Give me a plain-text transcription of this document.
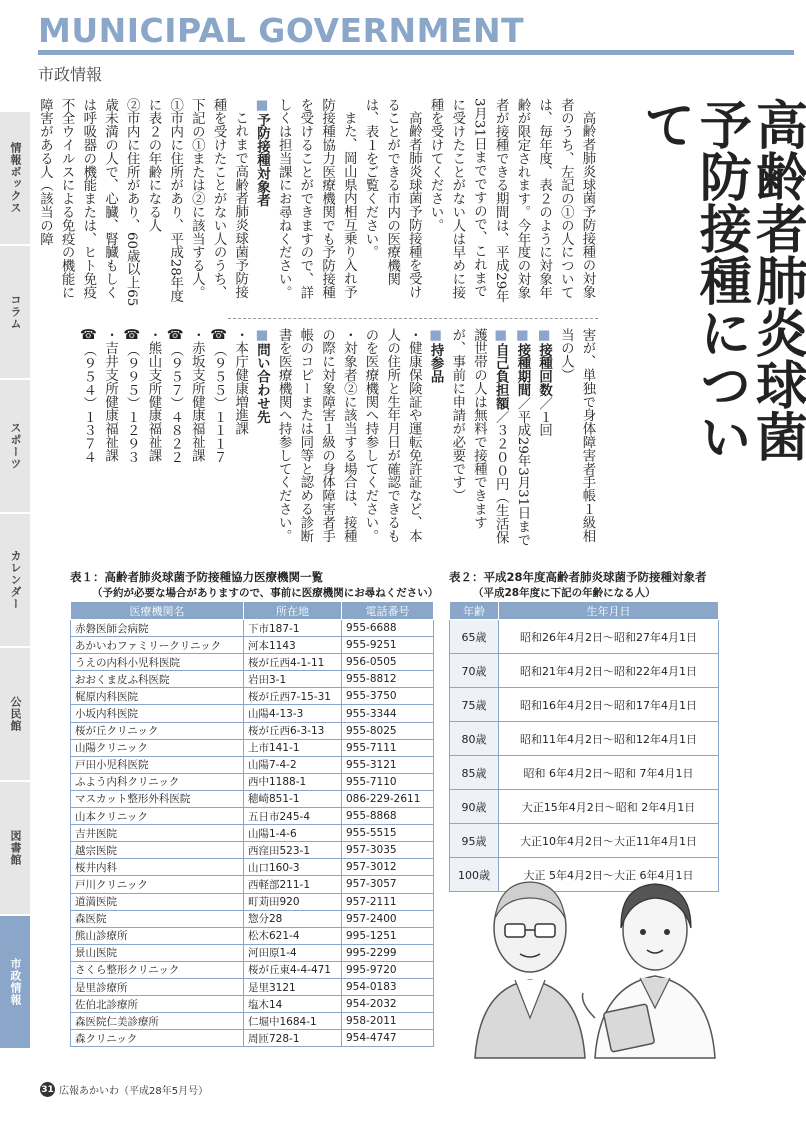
MUNICIPAL GOVERNMENT
市政情報
情報ボックス
コラム
スポーツ
カレンダー
公民館
図書館
市政情報
高齢者肺炎球菌予防接種について

高齢者肺炎球菌予防接種の対象者のうち、左記の①の人については、毎年度、表２のように対象年齢が限定されます。今年度の対象者が接種できる期間は、平成29年3月31日までですので、これまでに受けたことがない人は早めに接種を受けてください。

高齢者肺炎球菌予防接種を受けることができる市内の医療機関は、表１をご覧ください。

また、岡山県内相互乗り入れ予防接種協力医療機関でも予防接種を受けることができますので、詳しくは担当課にお尋ねください。

■ 予防接種対象者

これまで高齢者肺炎球菌予防接種を受けたことがない人のうち、下記の①または②に該当する人。

①市内に住所があり、平成28年度に表２の年齢になる人

②市内に住所があり、60歳以上65歳未満の人で、心臓、腎臓もしくは呼吸器の機能または、ヒト免疫不全ウイルスによる免疫の機能に障害がある人（該当の障

害が、単独で身体障害者手帳１級相当の人）

■ 接種回数／１回

■ 接種期間／平成29年3月31日まで

■ 自己負担額／３２００円（生活保護世帯の人は無料で接種できますが、事前に申請が必要です）

■ 持参品

・健康保険証や運転免許証など、本人の住所と生年月日が確認できるものを医療機関へ持参してください。

・対象者②に該当する場合は、接種の際に対象障害１級の身体障害者手帳のコピーまたは同等と認める診断書を医療機関へ持参してください。

■ 問い合わせ先

・本庁健康増進課

☎（９５５）１１１７

・赤坂支所健康福祉課

☎（９５７）４８２２

・熊山支所健康福祉課

☎（９９５）１２９３

・吉井支所健康福祉課

☎（９５４）１３７４

表１：高齢者肺炎球菌予防接種協力医療機関一覧
（予約が必要な場合がありますので、事前に医療機関にお尋ねください）
医療機関名	所在地	電話番号
赤磐医師会病院	下市187-1	955-6688
あかいわファミリークリニック	河本1143	955-9251
うえの内科小児科医院	桜が丘西4-1-11	956-0505
おおくま皮ふ科医院	岩田3-1	955-8812
梶原内科医院	桜が丘西7-15-31	955-3750
小坂内科医院	山陽4-13-3	955-3344
桜が丘クリニック	桜が丘西6-3-13	955-8025
山陽クリニック	上市141-1	955-7111
戸田小児科医院	山陽7-4-2	955-3121
ふよう内科クリニック	西中1188-1	955-7110
マスカット整形外科医院	穂崎851-1	086-229-2611
山本クリニック	五日市245-4	955-8868
吉井医院	山陽1-4-6	955-5515
越宗医院	西窪田523-1	957-3035
桜井内科	山口160-3	957-3012
戸川クリニック	西軽部211-1	957-3057
道満医院	町苅田920	957-2111
森医院	惣分28	957-2400
熊山診療所	松木621-4	995-1251
景山医院	河田原1-4	995-2299
さくら整形クリニック	桜が丘東4-4-471	995-9720
是里診療所	是里3121	954-0183
佐伯北診療所	塩木14	954-2032
森医院仁美診療所	仁堀中1684-1	958-2011
森クリニック	周匝728-1	954-4747
表２：平成28年度高齢者肺炎球菌予防接種対象者
（平成28年度に下記の年齢になる人）
年齢	生年月日
65歳	昭和26年4月2日～昭和27年4月1日
70歳	昭和21年4月2日～昭和22年4月1日
75歳	昭和16年4月2日～昭和17年4月1日
80歳	昭和11年4月2日～昭和12年4月1日
85歳	昭和 6年4月2日～昭和 7年4月1日
90歳	大正15年4月2日～昭和 2年4月1日
95歳	大正10年4月2日～大正11年4月1日
100歳	大正 5年4月2日～大正 6年4月1日
31 広報あかいわ（平成28年5月号）
